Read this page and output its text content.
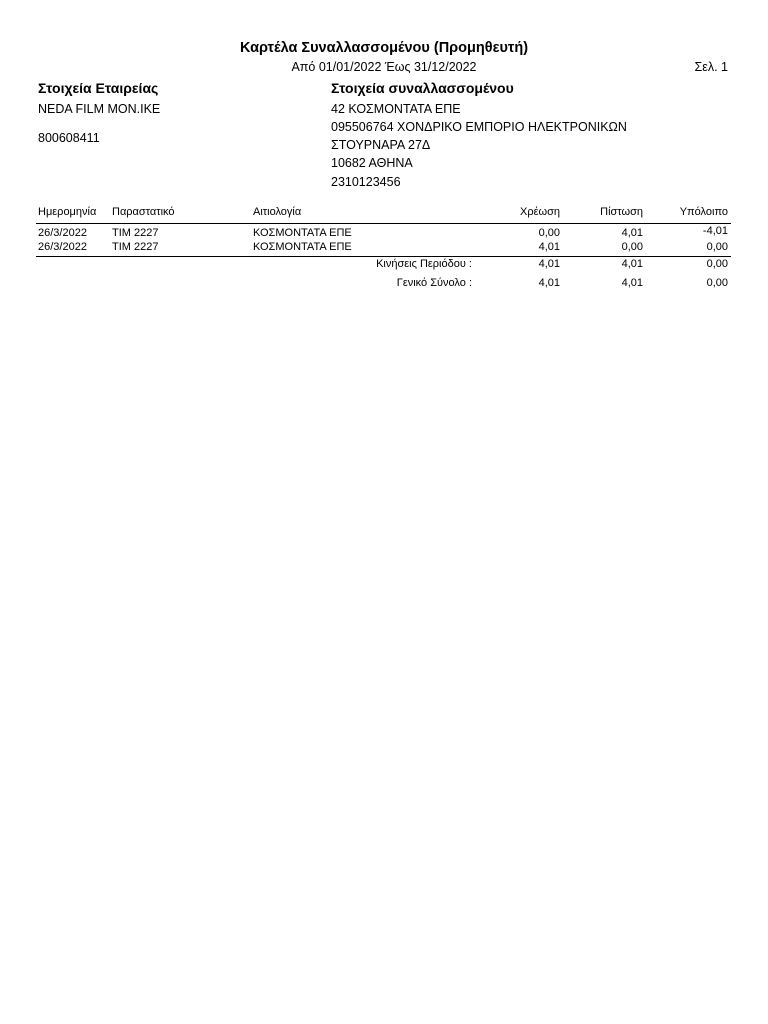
Καρτέλα Συναλλασσομένου (Προμηθευτή)
Από 01/01/2022 Έως 31/12/2022	Σελ. 1
Στοιχεία Εταιρείας
NEDA FILM MON.IKE
800608411
Στοιχεία συναλλασσομένου
42 ΚΟΣΜΟΝΤΑΤΑ ΕΠΕ
095506764 ΧΟΝΔΡΙΚΟ ΕΜΠΟΡΙΟ ΗΛΕΚΤΡΟΝΙΚΩΝ
ΣΤΟΥΡΝΑΡΑ 27Δ
10682 ΑΘΗΝΑ
2310123456
Ημερομηνία Παραστατικό	Αιτιολογία	Χρέωση	Πίστωση	Υπόλοιπο
26/3/2022 ΤΙΜ 2227	ΚΟΣΜΟΝΤΑΤΑ ΕΠΕ	0,00	4,01	-4,01
26/3/2022 ΤΙΜ 2227	ΚΟΣΜΟΝΤΑΤΑ ΕΠΕ	4,01	0,00	0,00
Κινήσεις Περιόδου :	4,01	4,01	0,00
Γενικό Σύνολο :	4,01	4,01	0,00
